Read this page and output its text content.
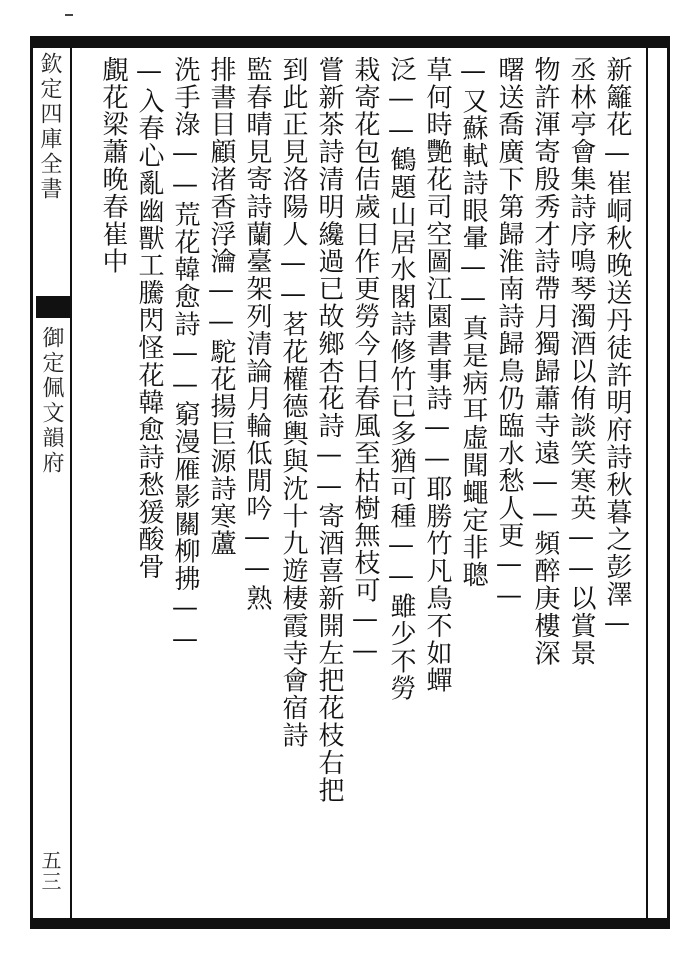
欽定四庫全書
御定佩文韻府
五三
新籬花—崔峒秋晚送丹徒許明府詩秋暮之彭澤—
丞林亭會集詩序鳴琴濁酒以侑談笑寒英——以賞景
物許渾寄殷秀才詩帶月獨歸蕭寺遠——頻醉庚樓深
曙送喬廣下第歸淮南詩歸鳥仍臨水愁人更——
—又蘇軾詩眼暈——真是病耳虛聞蠅定非聰
草何時艷花司空圖江園書事詩——耶勝竹凡鳥不如蟬
泛——鶴題山居水閣詩修竹已多猶可種——雖少不勞
栽寄花包佶歲日作更勞今日春風至枯樹無枝可——
嘗新茶詩清明纔過已故鄉杏花詩——寄酒喜新開左把花枝右把
到此正見洛陽人——茗花權德輿與沈十九遊棲霞寺會宿詩
監春晴見寄詩蘭臺架列清論月輪低閒吟——熟
排書目顧渚香浮瀹——駝花揚巨源詩寒蘆
洗手淥——荒花韓愈詩——窮漫雁影關柳拂——
—入春心亂幽獸工騰閃怪花韓愈詩愁猨酸骨
覰花梁蕭晚春崔中
